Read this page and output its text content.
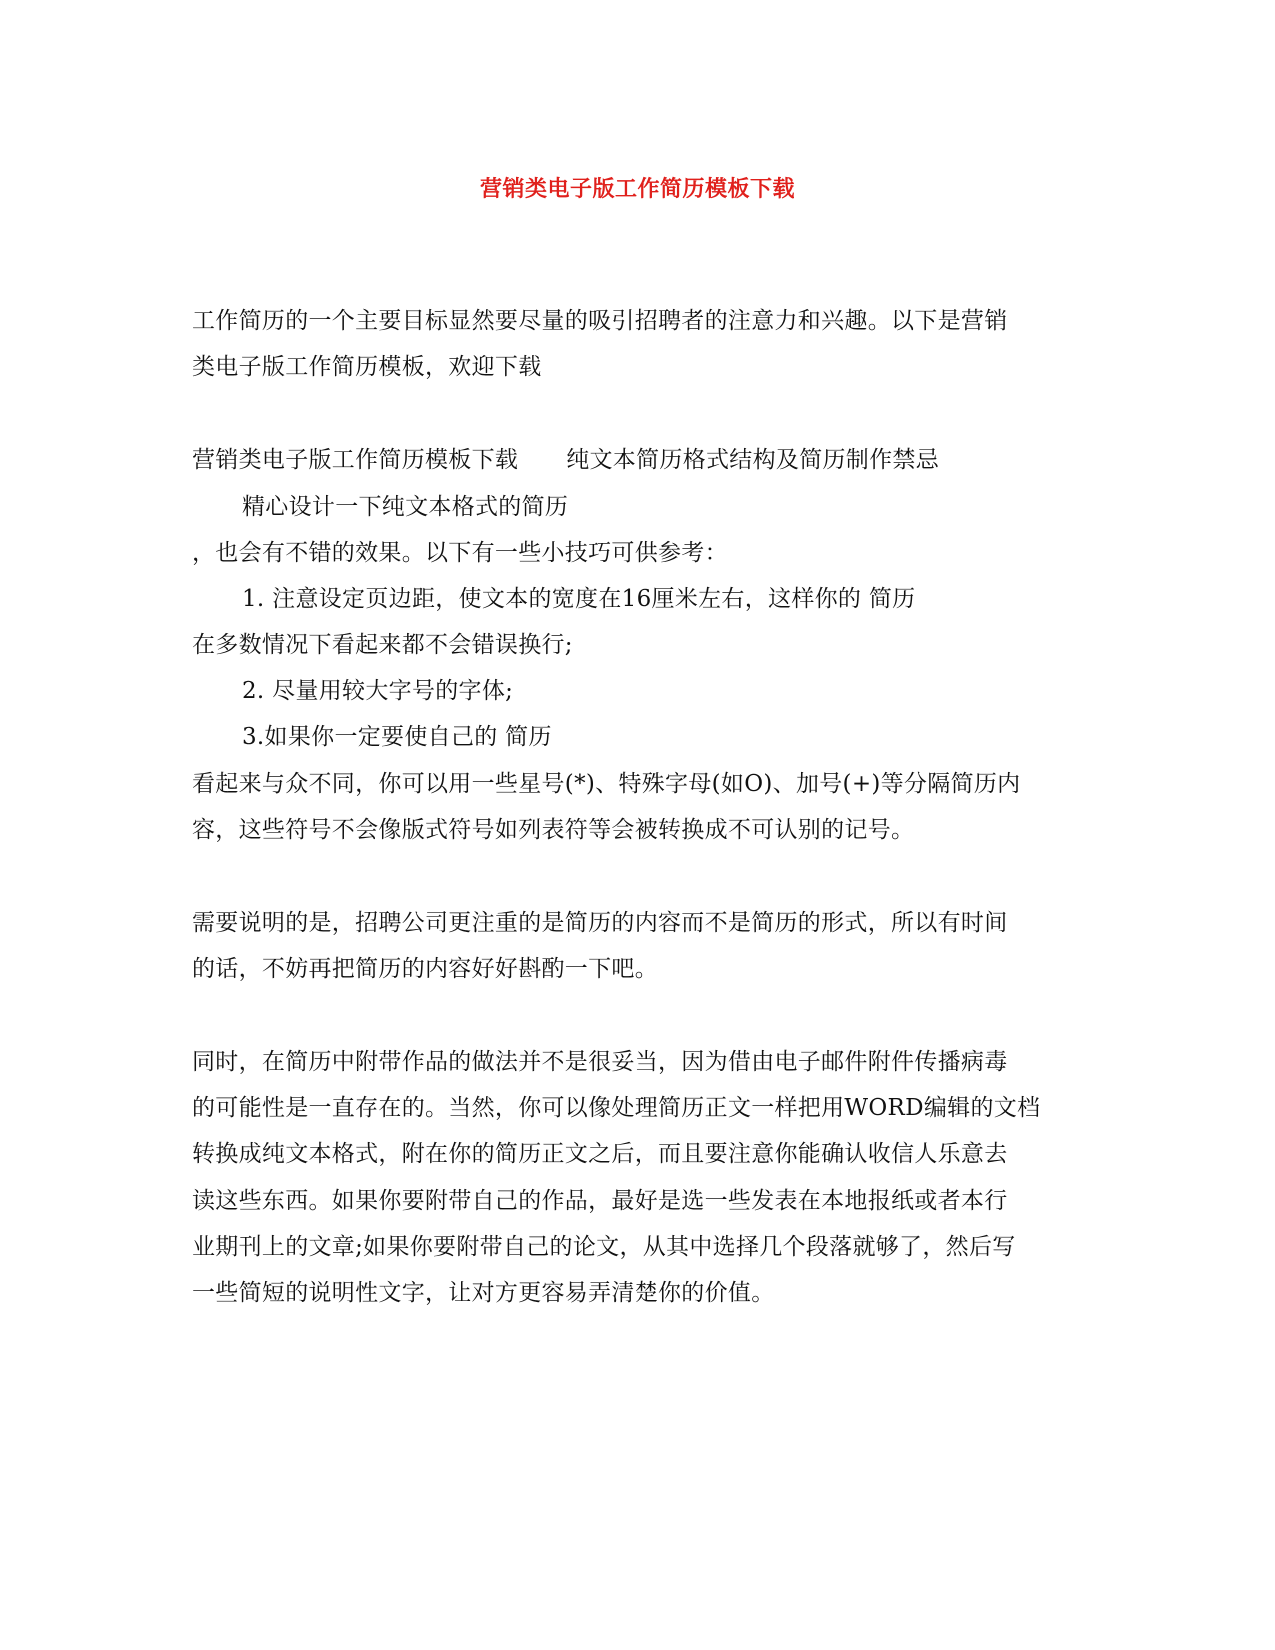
营销类电子版工作简历模板下载
工作简历的一个主要目标显然要尽量的吸引招聘者的注意力和兴趣。以下是营销
类电子版工作简历模板，欢迎下载
营销类电子版工作简历模板下载 纯文本简历格式结构及简历制作禁忌
精心设计一下纯文本格式的简历
，也会有不错的效果。以下有一些小技巧可供参考：
1. 注意设定页边距，使文本的宽度在16厘米左右，这样你的 简历
在多数情况下看起来都不会错误换行;
2. 尽量用较大字号的字体;
3.如果你一定要使自己的 简历
看起来与众不同，你可以用一些星号(*)、特殊字母(如O)、加号(+)等分隔简历内
容，这些符号不会像版式符号如列表符等会被转换成不可认别的记号。
需要说明的是，招聘公司更注重的是简历的内容而不是简历的形式，所以有时间
的话，不妨再把简历的内容好好斟酌一下吧。
同时，在简历中附带作品的做法并不是很妥当，因为借由电子邮件附件传播病毒
的可能性是一直存在的。当然，你可以像处理简历正文一样把用WORD编辑的文档
转换成纯文本格式，附在你的简历正文之后，而且要注意你能确认收信人乐意去
读这些东西。如果你要附带自己的作品，最好是选一些发表在本地报纸或者本行
业期刊上的文章;如果你要附带自己的论文，从其中选择几个段落就够了，然后写
一些简短的说明性文字，让对方更容易弄清楚你的价值。
